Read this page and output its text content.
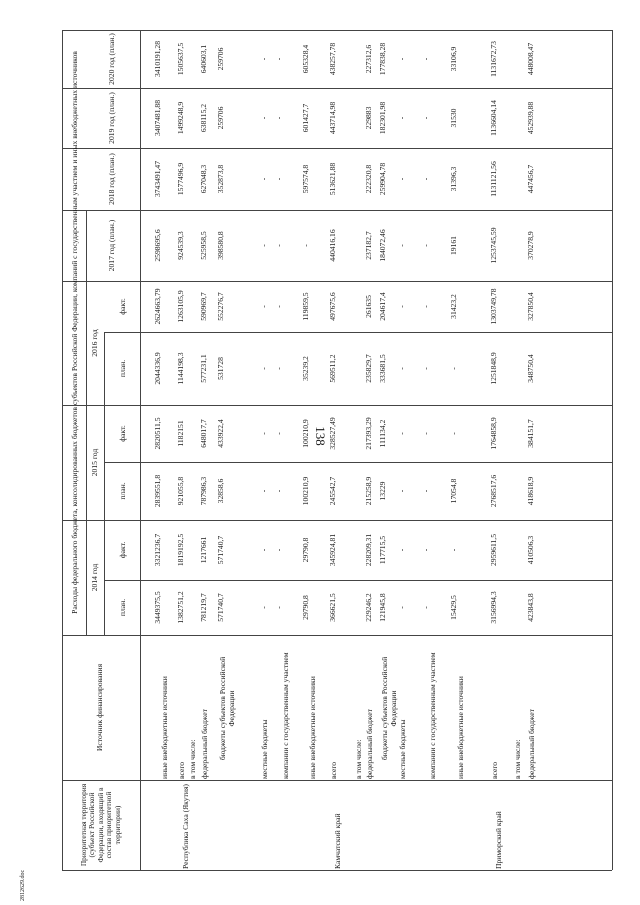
138
2812629.doc
Приоритетная территория (субъект Российской Федерации, входящий в состав приоритетной территории)
Источник финансирования
Расходы федерального бюджета, консолидированных бюджетов субъектов Российской Федерации, компаний с государственным участием и иных внебюджетных источников	2014 год
план.
факт.
2015 год
план.
факт.
2016 год
план.
факт.
2017 год (план.)
2018 год (план.)
2019 год (план.)
2020 год (план.)
иные внебюджетные источники
3449375,5
3321236,7
2839551,8
2820511,5
2044336,9
2624663,79
2598695,6
3743491,47
3407481,88
3410191,28
Республика Саха (Якутия)
всего
1382751,2
1819192,5
921055,8
1182151
1144198,3
1263105,9
924539,3
1577496,9
1499248,9
1505637,5
в том числе: федеральный бюджет
781219,7
1217661
787986,3
648017,7
577231,1
590969,7
525958,5
627048,3
638115,2
640603,1
бюджеты субъектов Российской Федерации
571740,7
571740,7
32858,6
433922,4
531728
552276,7
398580,8
352873,8
259706
259706
местные бюджеты
-
-
-
-
-
-
-
-
-
-
компании с государственным участием
-
-
-
-
-
-
-
-
-
-
иные внебюджетные источники
29790,8
29790,8
100210,9
100210,9
35239,2
119859,5
-
597574,8
601427,7
605328,4
Камчатский край
всего
366621,5
345924,81
245542,7
328527,49
569511,2
497675,6
440416,16
513621,88
443714,98
438257,78
в том числе: федеральный бюджет
229246,2
228209,31
215258,9
217393,29
235829,7
261635
237182,7
222320,8
229883
227312,6
бюджеты субъектов Российской Федерации
121945,8
117715,5
13229
111134,2
333681,5
204617,4
184072,46
259904,78
182301,98
177838,28
местные бюджеты
-
-
-
-
-
-
-
-
-
-
компании с государственным участием
-
-
-
-
-
-
-
-
-
-
иные внебюджетные источники
15429,5
-
17054,8
-
-
31423,2
19161
31396,3
31530
33106,9
Приморский край
всего
3156994,3
2959611,5
2768517,6
1764858,9
1251848,9
1303749,78
1253745,59
1131121,56
1136604,14
1131672,73
в том числе: федеральный бюджет
423843,8
410506,3
418618,9
384151,7
348750,4
327850,4
370278,9
447456,7
452939,88
448008,47
